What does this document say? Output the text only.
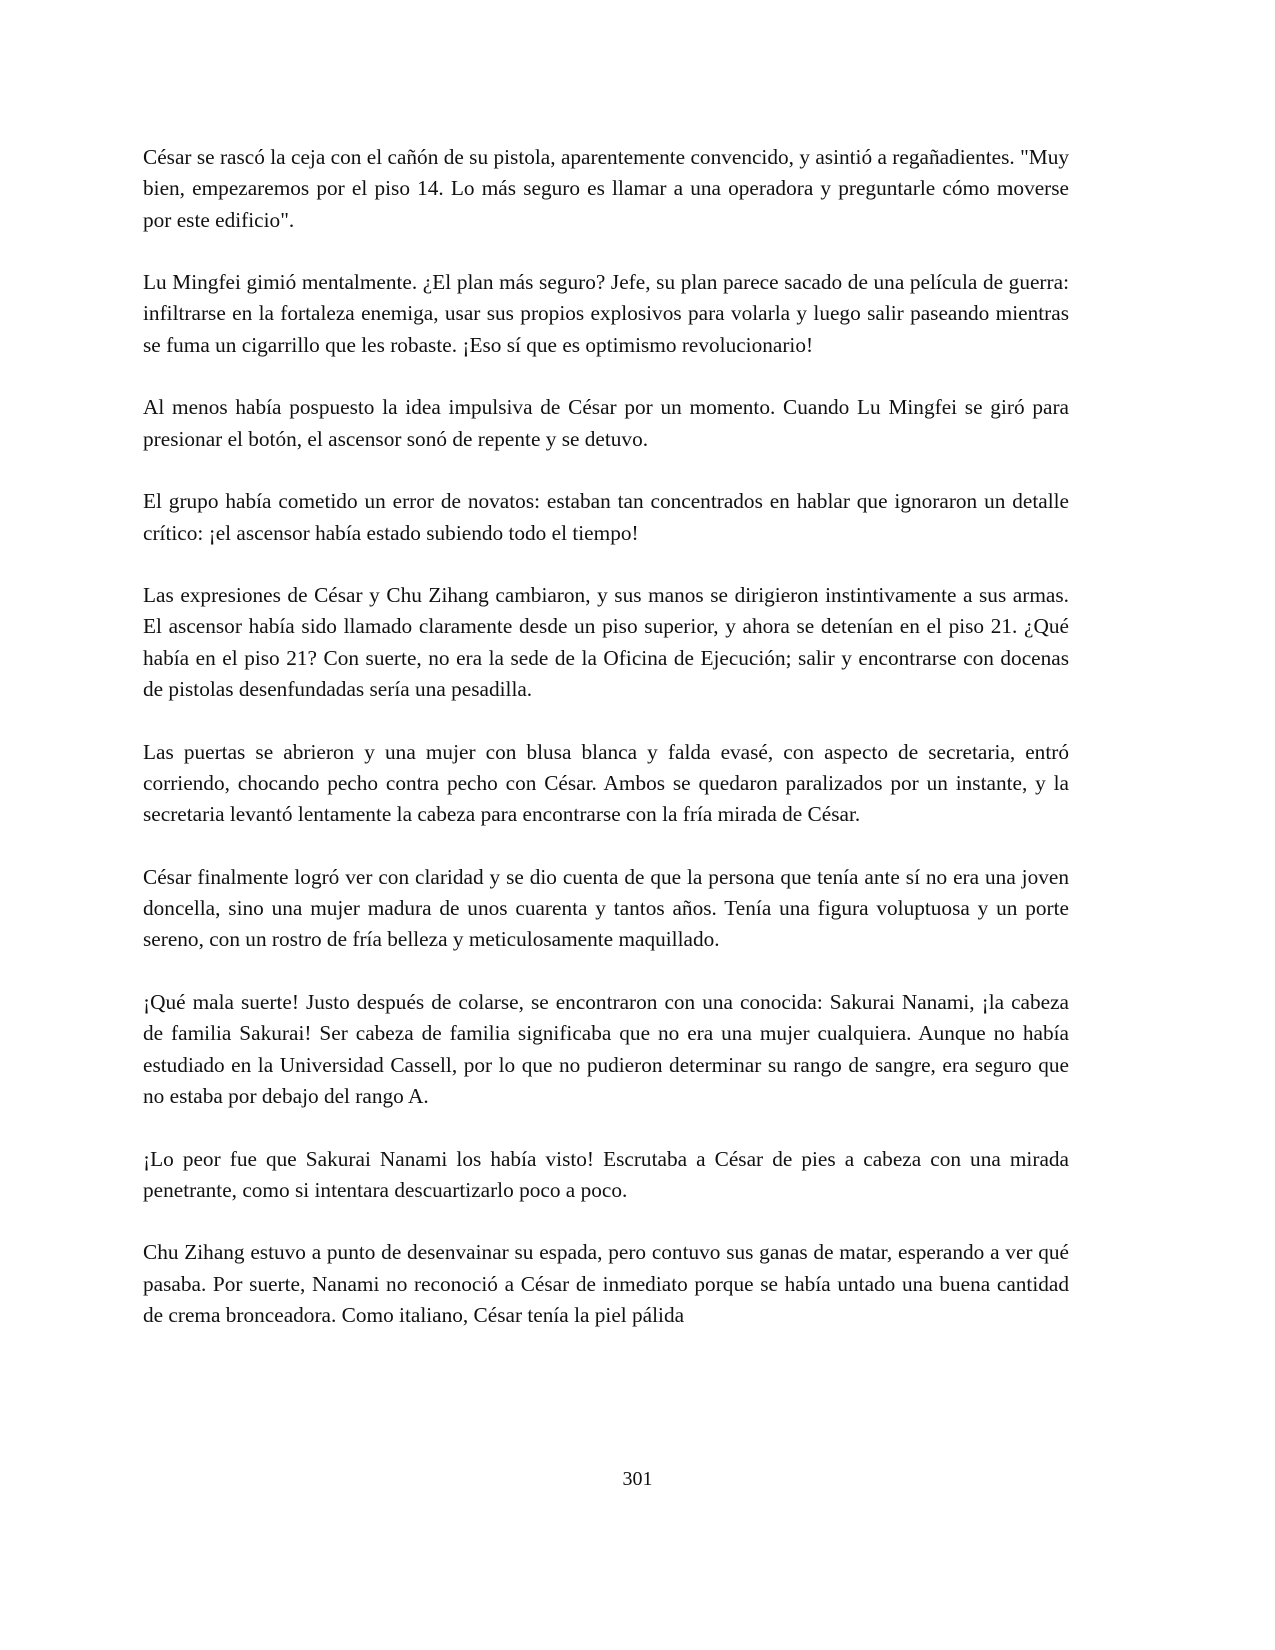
César se rascó la ceja con el cañón de su pistola, aparentemente convencido, y asintió a regañadientes. "Muy bien, empezaremos por el piso 14. Lo más seguro es llamar a una operadora y preguntarle cómo moverse por este edificio".

Lu Mingfei gimió mentalmente. ¿El plan más seguro? Jefe, su plan parece sacado de una película de guerra: infiltrarse en la fortaleza enemiga, usar sus propios explosivos para volarla y luego salir paseando mientras se fuma un cigarrillo que les robaste. ¡Eso sí que es optimismo revolucionario!

Al menos había pospuesto la idea impulsiva de César por un momento. Cuando Lu Mingfei se giró para presionar el botón, el ascensor sonó de repente y se detuvo.

El grupo había cometido un error de novatos: estaban tan concentrados en hablar que ignoraron un detalle crítico: ¡el ascensor había estado subiendo todo el tiempo!

Las expresiones de César y Chu Zihang cambiaron, y sus manos se dirigieron instintivamente a sus armas. El ascensor había sido llamado claramente desde un piso superior, y ahora se detenían en el piso 21. ¿Qué había en el piso 21? Con suerte, no era la sede de la Oficina de Ejecución; salir y encontrarse con docenas de pistolas desenfundadas sería una pesadilla.

Las puertas se abrieron y una mujer con blusa blanca y falda evasé, con aspecto de secretaria, entró corriendo, chocando pecho contra pecho con César. Ambos se quedaron paralizados por un instante, y la secretaria levantó lentamente la cabeza para encontrarse con la fría mirada de César.

César finalmente logró ver con claridad y se dio cuenta de que la persona que tenía ante sí no era una joven doncella, sino una mujer madura de unos cuarenta y tantos años. Tenía una figura voluptuosa y un porte sereno, con un rostro de fría belleza y meticulosamente maquillado.

¡Qué mala suerte! Justo después de colarse, se encontraron con una conocida: Sakurai Nanami, ¡la cabeza de familia Sakurai! Ser cabeza de familia significaba que no era una mujer cualquiera. Aunque no había estudiado en la Universidad Cassell, por lo que no pudieron determinar su rango de sangre, era seguro que no estaba por debajo del rango A.

¡Lo peor fue que Sakurai Nanami los había visto! Escrutaba a César de pies a cabeza con una mirada penetrante, como si intentara descuartizarlo poco a poco.

Chu Zihang estuvo a punto de desenvainar su espada, pero contuvo sus ganas de matar, esperando a ver qué pasaba. Por suerte, Nanami no reconoció a César de inmediato porque se había untado una buena cantidad de crema bronceadora. Como italiano, César tenía la piel pálida

301
